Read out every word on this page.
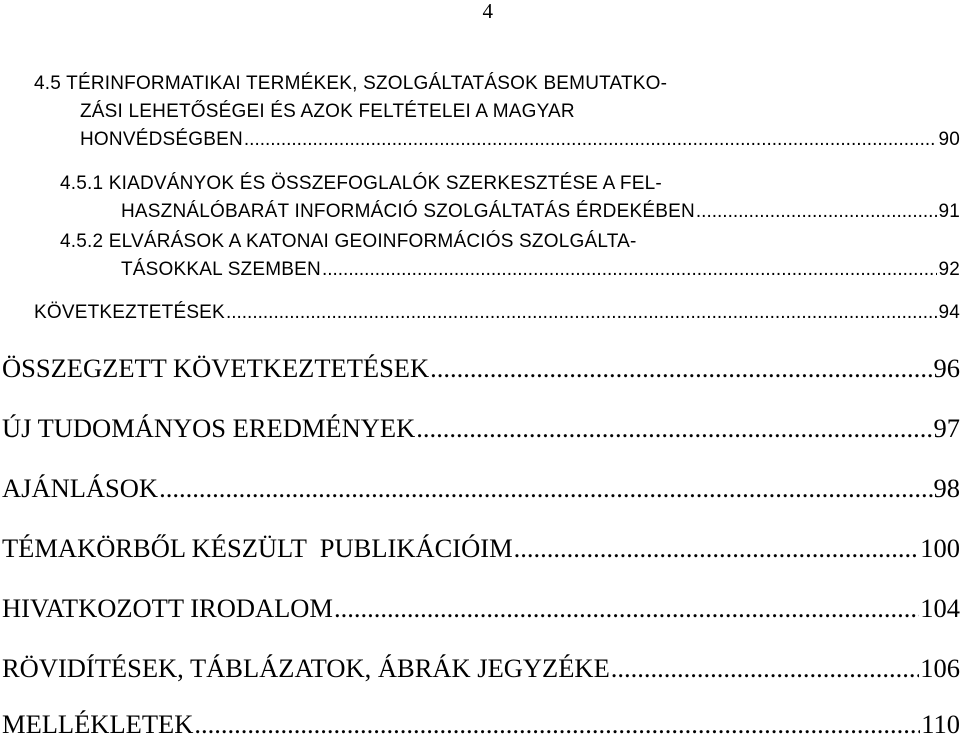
4
4.5 TÉRINFORMATIKAI TERMÉKEK, SZOLGÁLTATÁSOK BEMUTATKO-
ZÁSI LEHETŐSÉGEI ÉS AZOK FELTÉTELEI A MAGYAR
HONVÉDSÉGBEN .....	90
4.5.1 KIADVÁNYOK ÉS ÖSSZEFOGLALÓK SZERKESZTÉSE A FEL-
HASZNÁLÓBARÁT INFORMÁCIÓ SZOLGÁLTATÁS ÉRDEKÉBEN .....	91
4.5.2 ELVÁRÁSOK A KATONAI GEOINFORMÁCIÓS SZOLGÁLTA-
TÁSOKKAL SZEMBEN .....	92
KÖVETKEZTETÉSEK .....	94
ÖSSZEGZETT KÖVETKEZTETÉSEK .....	96
ÚJ TUDOMÁNYOS EREDMÉNYEK .....	97
AJÁNLÁSOK .....	98
TÉMAKÖRBŐL KÉSZÜLT  PUBLIKÁCIÓIM .....	100
HIVATKOZOTT IRODALOM .....	104
RÖVIDÍTÉSEK, TÁBLÁZATOK, ÁBRÁK JEGYZÉKE .....	106
MELLÉKLETEK .....	110
